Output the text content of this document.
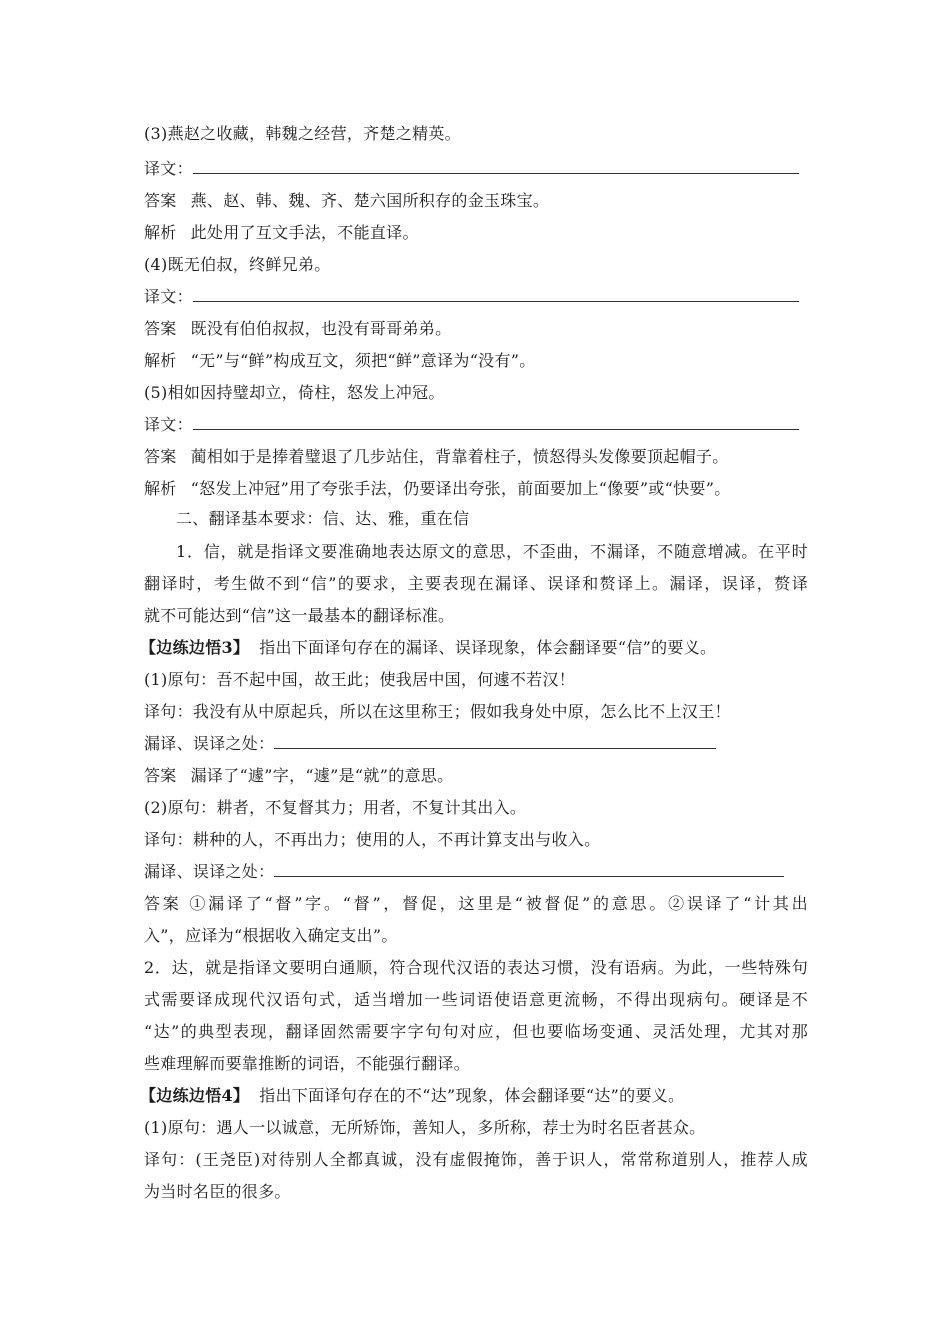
(3)燕赵之收藏，韩魏之经营，齐楚之精英。
译文：
答案 燕、赵、韩、魏、齐、楚六国所积存的金玉珠宝。
解析 此处用了互文手法，不能直译。
(4)既无伯叔，终鲜兄弟。
译文：
答案 既没有伯伯叔叔，也没有哥哥弟弟。
解析 “无”与“鲜”构成互文，须把“鲜”意译为“没有”。
(5)相如因持璧却立，倚柱，怒发上冲冠。
译文：
答案 蔺相如于是捧着璧退了几步站住，背靠着柱子，愤怒得头发像要顶起帽子。
解析 “怒发上冲冠”用了夸张手法，仍要译出夸张，前面要加上“像要”或“快要”。
二、翻译基本要求：信、达、雅，重在信
1．信，就是指译文要准确地表达原文的意思，不歪曲，不漏译，不随意增减。在平时
翻译时，考生做不到“信”的要求，主要表现在漏译、误译和赘译上。漏译，误译，赘译
就不可能达到“信”这一最基本的翻译标准。
【边练边悟3】 指出下面译句存在的漏译、误译现象，体会翻译要“信”的要义。
(1)原句：吾不起中国，故王此；使我居中国，何遽不若汉！
译句：我没有从中原起兵，所以在这里称王；假如我身处中原，怎么比不上汉王！
漏译、误译之处：
答案 漏译了“遽”字，“遽”是“就”的意思。
(2)原句：耕者，不复督其力；用者，不复计其出入。
译句：耕种的人，不再出力；使用的人，不再计算支出与收入。
漏译、误译之处：
答案 ①漏译了“督”字。“督”，督促，这里是“被督促”的意思。②误译了“计其出
入”，应译为“根据收入确定支出”。
2．达，就是指译文要明白通顺，符合现代汉语的表达习惯，没有语病。为此，一些特殊句
式需要译成现代汉语句式，适当增加一些词语使语意更流畅，不得出现病句。硬译是不
“达”的典型表现，翻译固然需要字字句句对应，但也要临场变通、灵活处理，尤其对那
些难理解而要靠推断的词语，不能强行翻译。
【边练边悟4】 指出下面译句存在的不“达”现象，体会翻译要“达”的要义。
(1)原句：遇人一以诚意，无所矫饰，善知人，多所称，荐士为时名臣者甚众。
译句：(王尧臣)对待别人全都真诚，没有虚假掩饰，善于识人，常常称道别人，推荐人成
为当时名臣的很多。
